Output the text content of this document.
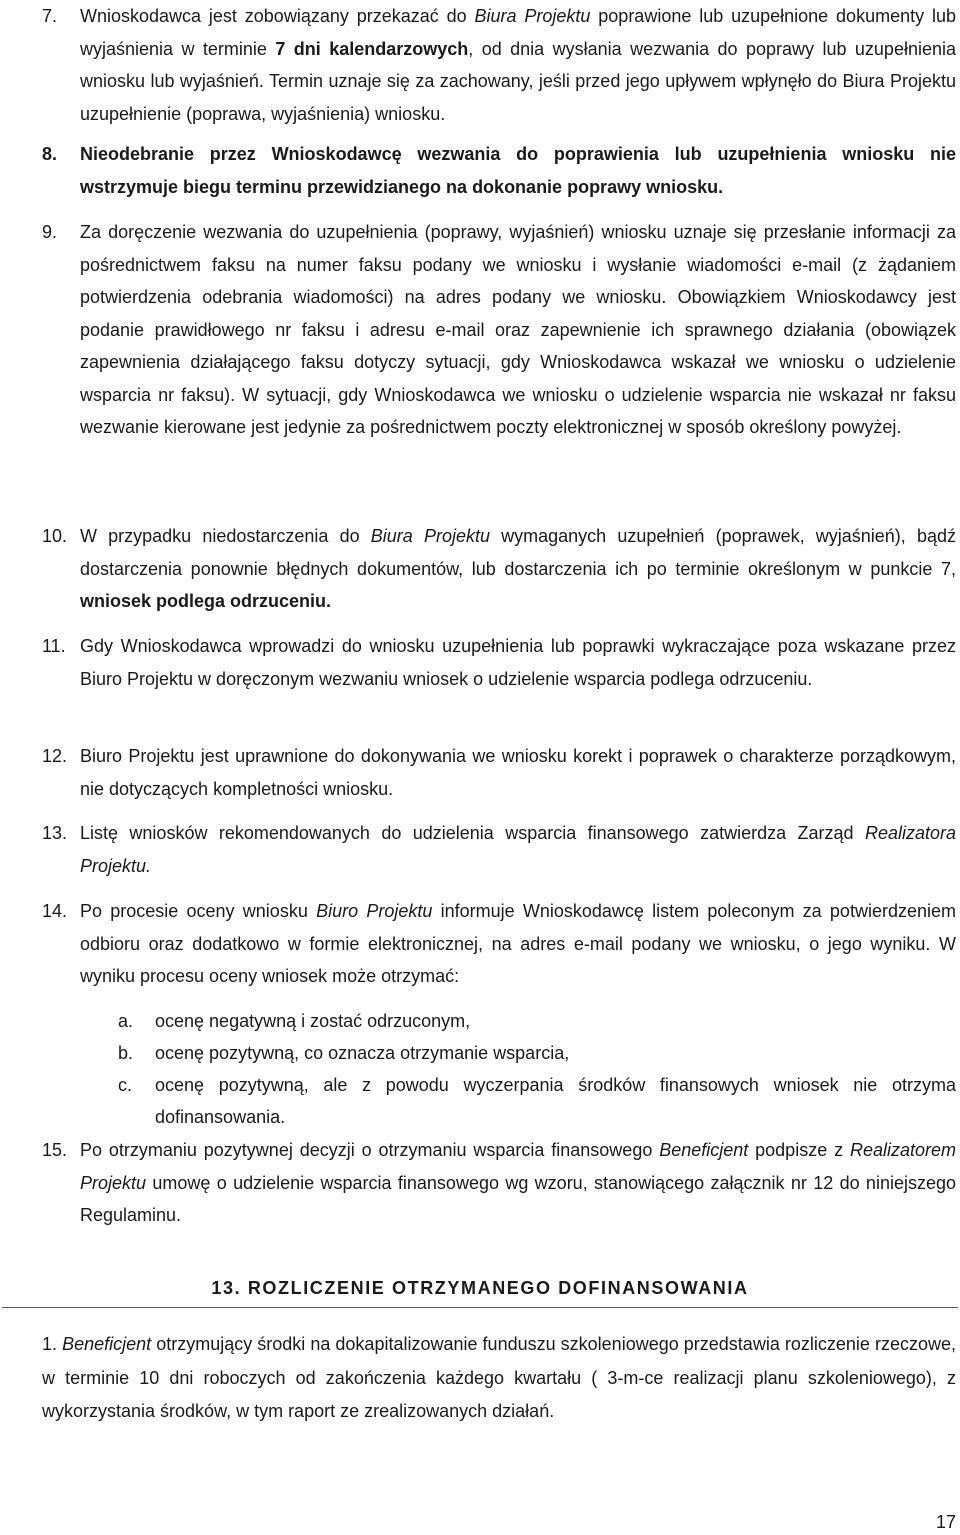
7. Wnioskodawca jest zobowiązany przekazać do Biura Projektu poprawione lub uzupełnione dokumenty lub wyjaśnienia w terminie 7 dni kalendarzowych, od dnia wysłania wezwania do poprawy lub uzupełnienia wniosku lub wyjaśnień. Termin uznaje się za zachowany, jeśli przed jego upływem wpłynęło do Biura Projektu uzupełnienie (poprawa, wyjaśnienia) wniosku.
8. Nieodebranie przez Wnioskodawcę wezwania do poprawienia lub uzupełnienia wniosku nie wstrzymuje biegu terminu przewidzianego na dokonanie poprawy wniosku.
9. Za doręczenie wezwania do uzupełnienia (poprawy, wyjaśnień) wniosku uznaje się przesłanie informacji za pośrednictwem faksu na numer faksu podany we wniosku i wysłanie wiadomości e-mail (z żądaniem potwierdzenia odebrania wiadomości) na adres podany we wniosku. Obowiązkiem Wnioskodawcy jest podanie prawidłowego nr faksu i adresu e-mail oraz zapewnienie ich sprawnego działania (obowiązek zapewnienia działającego faksu dotyczy sytuacji, gdy Wnioskodawca wskazał we wniosku o udzielenie wsparcia nr faksu). W sytuacji, gdy Wnioskodawca we wniosku o udzielenie wsparcia nie wskazał nr faksu wezwanie kierowane jest jedynie za pośrednictwem poczty elektronicznej w sposób określony powyżej.
10. W przypadku niedostarczenia do Biura Projektu wymaganych uzupełnień (poprawek, wyjaśnień), bądź dostarczenia ponownie błędnych dokumentów, lub dostarczenia ich po terminie określonym w punkcie 7, wniosek podlega odrzuceniu.
11. Gdy Wnioskodawca wprowadzi do wniosku uzupełnienia lub poprawki wykraczające poza wskazane przez Biuro Projektu w doręczonym wezwaniu wniosek o udzielenie wsparcia podlega odrzuceniu.
12. Biuro Projektu jest uprawnione do dokonywania we wniosku korekt i poprawek o charakterze porządkowym, nie dotyczących kompletności wniosku.
13. Listę wniosków rekomendowanych do udzielenia wsparcia finansowego zatwierdza Zarząd Realizatora Projektu.
14. Po procesie oceny wniosku Biuro Projektu informuje Wnioskodawcę listem poleconym za potwierdzeniem odbioru oraz dodatkowo w formie elektronicznej, na adres e-mail podany we wniosku, o jego wyniku. W wyniku procesu oceny wniosek może otrzymać:
a. ocenę negatywną i zostać odrzuconym,
b. ocenę pozytywną, co oznacza otrzymanie wsparcia,
c. ocenę pozytywną, ale z powodu wyczerpania środków finansowych wniosek nie otrzyma dofinansowania.
15. Po otrzymaniu pozytywnej decyzji o otrzymaniu wsparcia finansowego Beneficjent podpisze z Realizatorem Projektu umowę o udzielenie wsparcia finansowego wg wzoru, stanowiącego załącznik nr 12 do niniejszego Regulaminu.
13. ROZLICZENIE OTRZYMANEGO DOFINANSOWANIA
1. Beneficjent otrzymujący środki na dokapitalizowanie funduszu szkoleniowego przedstawia rozliczenie rzeczowe, w terminie 10 dni roboczych od zakończenia każdego kwartału ( 3-m-ce realizacji planu szkoleniowego), z wykorzystania środków, w tym raport ze zrealizowanych działań.
17
